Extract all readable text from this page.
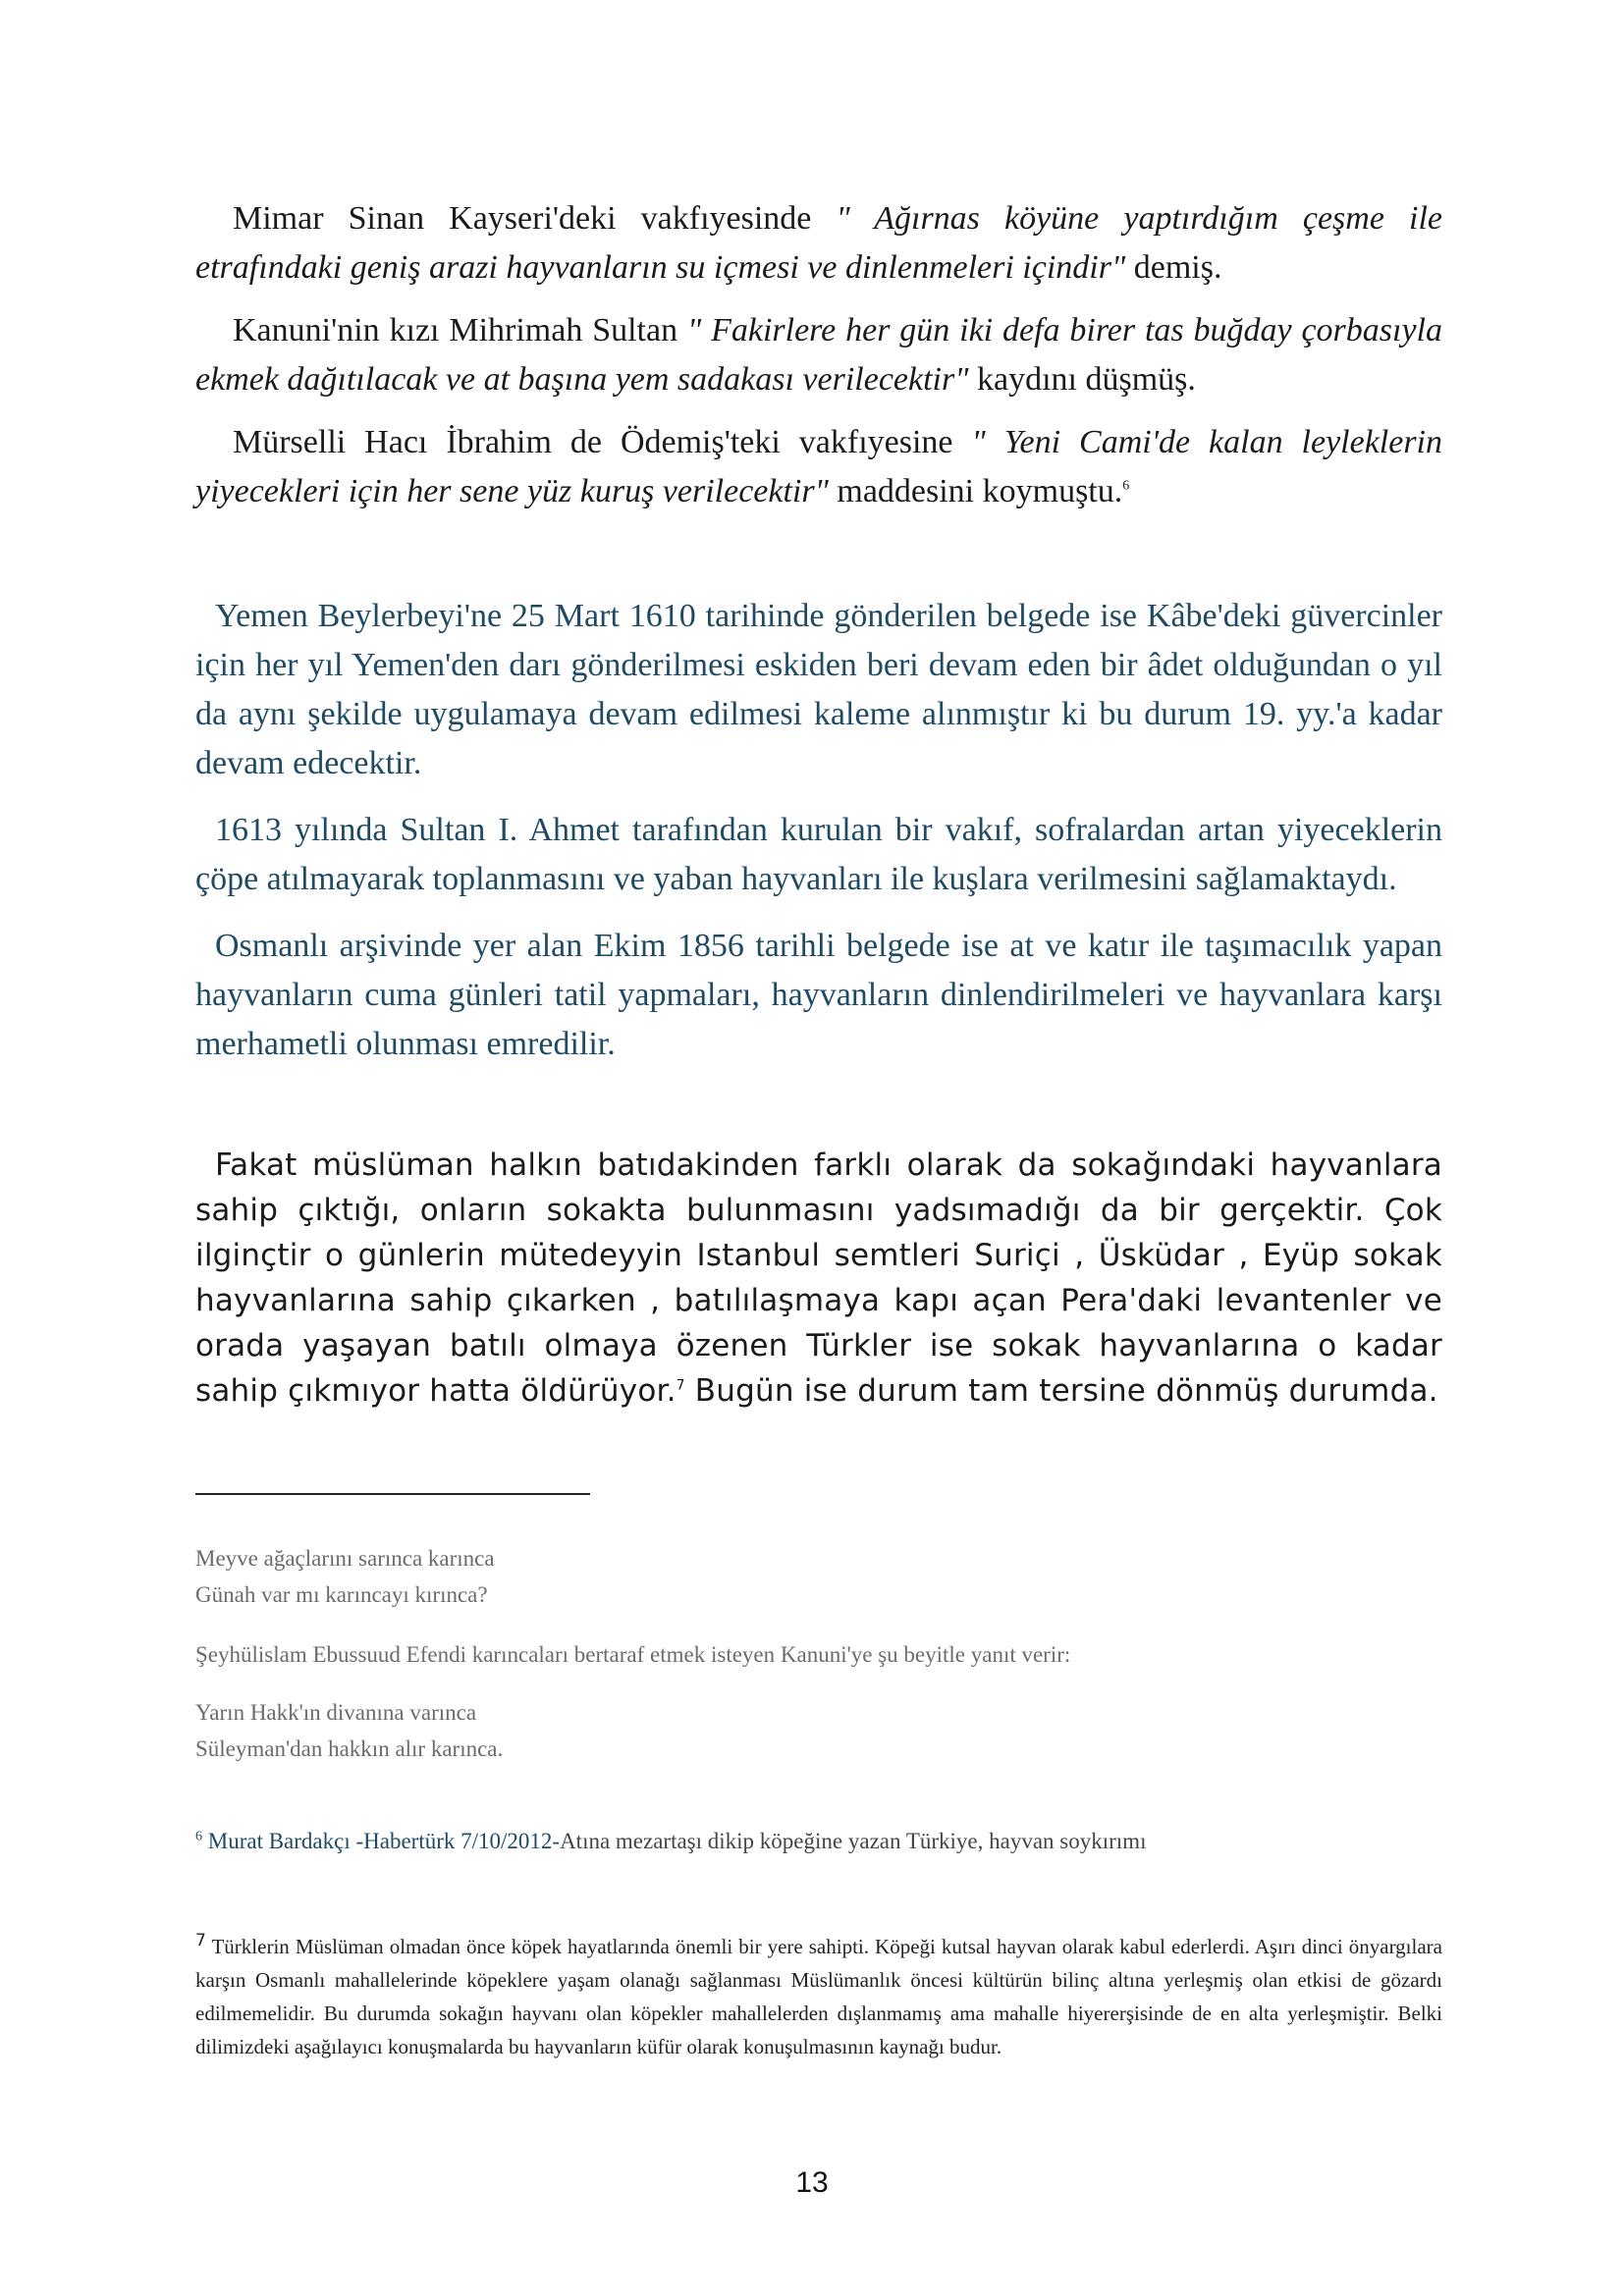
Mimar Sinan Kayseri'deki vakfıyesinde " Ağırnas köyüne yaptırdığım çeşme ile etrafındaki geniş arazi hayvanların su içmesi ve dinlenmeleri içindir" demiş.

Kanuni'nin kızı Mihrimah Sultan " Fakirlere her gün iki defa birer tas buğday çorbasıyla ekmek dağıtılacak ve at başına yem sadakası verilecektir" kaydını düşmüş.

Mürselli Hacı İbrahim de Ödemiş'teki vakfıyesine " Yeni Cami'de kalan leyleklerin yiyecekleri için her sene yüz kuruş verilecektir" maddesini koymuştu.$^6$

Yemen Beylerbeyi'ne 25 Mart 1610 tarihinde gönderilen belgede ise Kâbe'deki güvercinler için her yıl Yemen'den darı gönderilmesi eskiden beri devam eden bir âdet olduğundan o yıl da aynı şekilde uygulamaya devam edilmesi kaleme alınmıştır ki bu durum 19. yy.'a kadar devam edecektir.

1613 yılında Sultan I. Ahmet tarafından kurulan bir vakıf, sofralardan artan yiyeceklerin çöpe atılmayarak toplanmasını ve yaban hayvanları ile kuşlara verilmesini sağlamaktaydı.

Osmanlı arşivinde yer alan Ekim 1856 tarihli belgede ise at ve katır ile taşımacılık yapan hayvanların cuma günleri tatil yapmaları, hayvanların dinlendirilmeleri ve hayvanlara karşı merhametli olunması emredilir.

Fakat müslüman halkın batıdakinden farklı olarak da sokağındaki hayvanlara sahip çıktığı, onların sokakta bulunmasını yadsımadığı da bir gerçektir. Çok ilginçtir o günlerin mütedeyyin Istanbul semtleri Suriçi , Üsküdar , Eyüp sokak hayvanlarına sahip çıkarken , batılılaşmaya kapı açan Pera'daki levantenler ve orada yaşayan batılı olmaya özenen Türkler ise sokak hayvanlarına o kadar sahip çıkmıyor hatta öldürüyor.$^7$ Bugün ise durum tam tersine dönmüş durumda.

Meyve ağaçlarını sarınca karınca

Günah var mı karıncayı kırınca?

Şeyhülislam Ebussuud Efendi karıncaları bertaraf etmek isteyen Kanuni'ye şu beyitle yanıt verir:

Yarın Hakk'ın divanına varınca

Süleyman'dan hakkın alır karınca.

$^6$ Murat Bardakçı -Habertürk 7/10/2012-Atına mezartaşı dikip köpeğine yazan Türkiye, hayvan soykırımı

$^7$ Türklerin Müslüman olmadan önce köpek hayatlarında önemli bir yere sahipti. Köpeği kutsal hayvan olarak kabul ederlerdi. Aşırı dinci önyargılara karşın Osmanlı mahallelerinde köpeklere yaşam olanağı sağlanması Müslümanlık öncesi kültürün bilinç altına yerleşmiş olan etkisi de gözardı edilmemelidir. Bu durumda sokağın hayvanı olan köpekler mahallelerden dışlanmamış ama mahalle hiyererşisinde de en alta yerleşmiştir. Belki dilimizdeki aşağılayıcı konuşmalarda bu hayvanların küfür olarak konuşulmasının kaynağı budur.

13
